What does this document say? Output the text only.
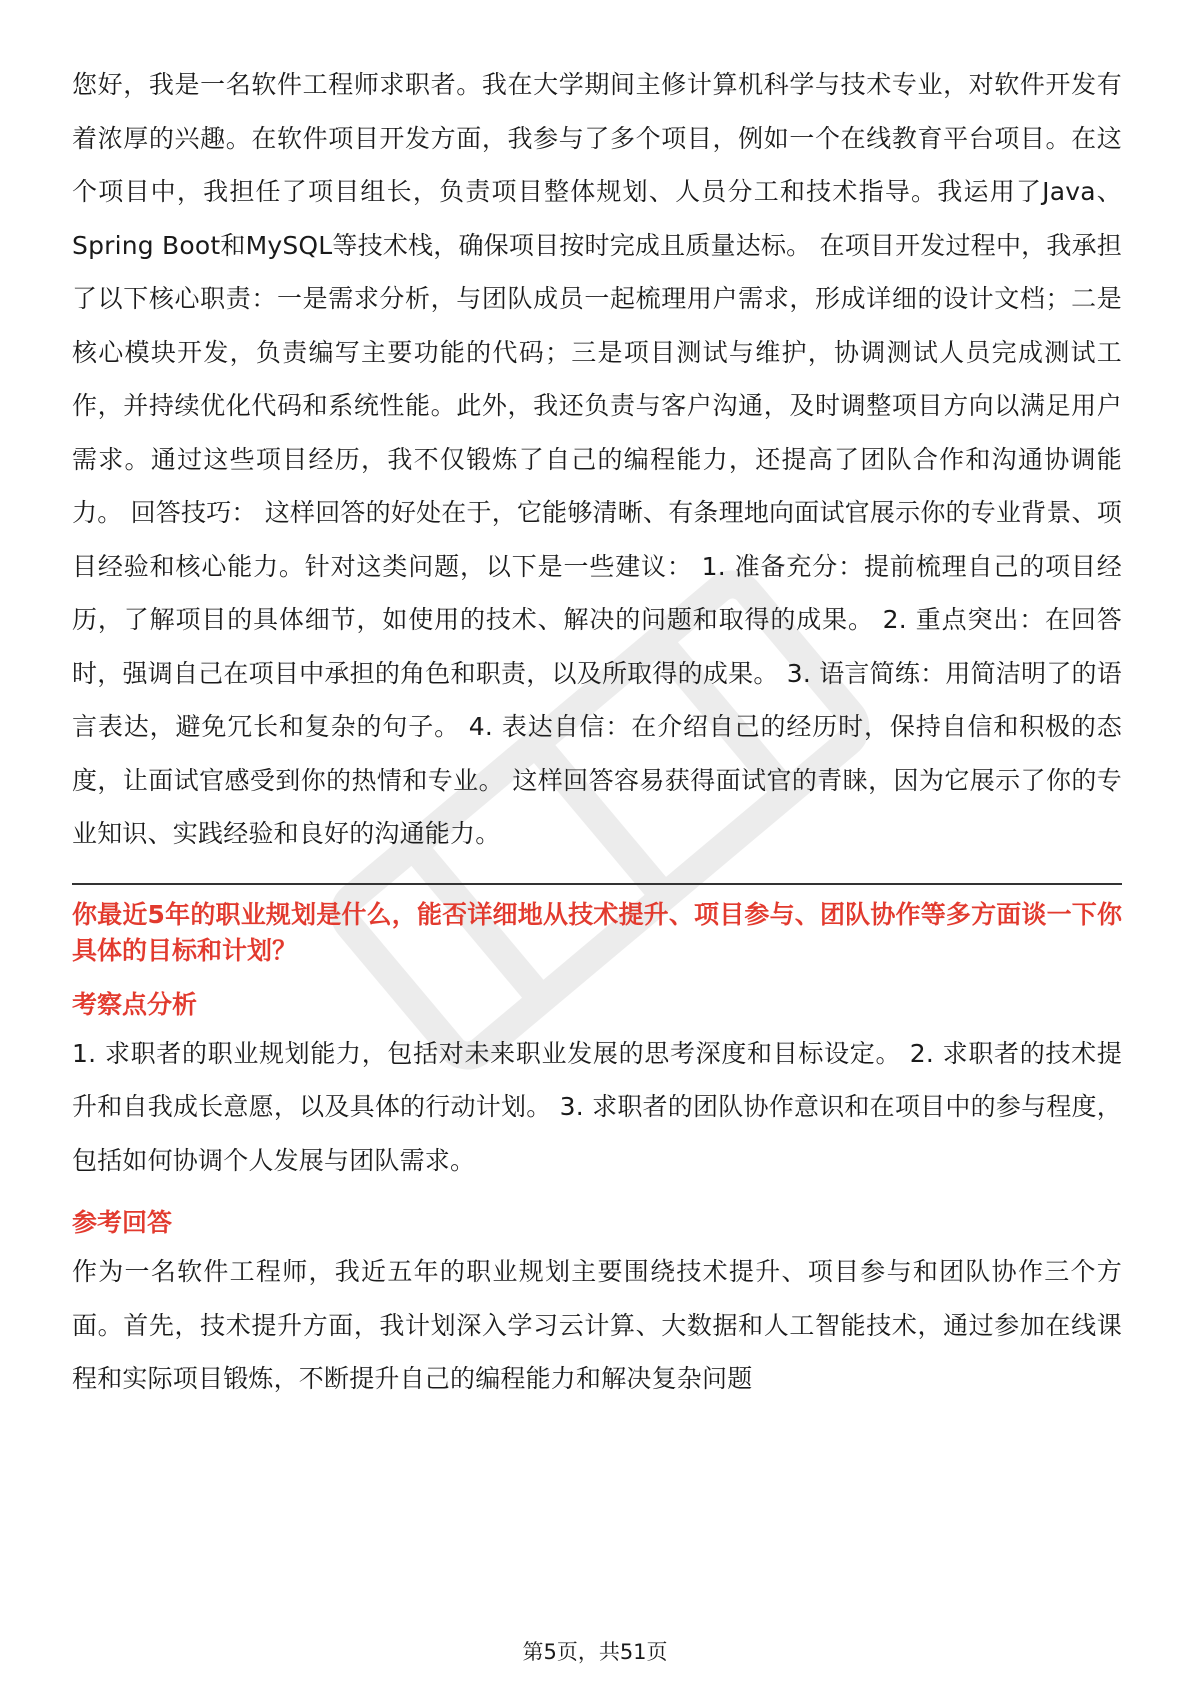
您好，我是一名软件工程师求职者。我在大学期间主修计算机科学与技术专业，对软件开发有着浓厚的兴趣。在软件项目开发方面，我参与了多个项目，例如一个在线教育平台项目。在这个项目中，我担任了项目组长，负责项目整体规划、人员分工和技术指导。我运用了Java、Spring Boot和MySQL等技术栈，确保项目按时完成且质量达标。 在项目开发过程中，我承担了以下核心职责：一是需求分析，与团队成员一起梳理用户需求，形成详细的设计文档；二是核心模块开发，负责编写主要功能的代码；三是项目测试与维护，协调测试人员完成测试工作，并持续优化代码和系统性能。此外，我还负责与客户沟通，及时调整项目方向以满足用户需求。通过这些项目经历，我不仅锻炼了自己的编程能力，还提高了团队合作和沟通协调能力。 回答技巧： 这样回答的好处在于，它能够清晰、有条理地向面试官展示你的专业背景、项目经验和核心能力。针对这类问题，以下是一些建议： 1. 准备充分：提前梳理自己的项目经历，了解项目的具体细节，如使用的技术、解决的问题和取得的成果。 2. 重点突出：在回答时，强调自己在项目中承担的角色和职责，以及所取得的成果。 3. 语言简练：用简洁明了的语言表达，避免冗长和复杂的句子。 4. 表达自信：在介绍自己的经历时，保持自信和积极的态度，让面试官感受到你的热情和专业。 这样回答容易获得面试官的青睐，因为它展示了你的专业知识、实践经验和良好的沟通能力。

你最近5年的职业规划是什么，能否详细地从技术提升、项目参与、团队协作等多方面谈一下你具体的目标和计划？

考察点分析

1. 求职者的职业规划能力，包括对未来职业发展的思考深度和目标设定。 2. 求职者的技术提升和自我成长意愿，以及具体的行动计划。 3. 求职者的团队协作意识和在项目中的参与程度，包括如何协调个人发展与团队需求。

参考回答

作为一名软件工程师，我近五年的职业规划主要围绕技术提升、项目参与和团队协作三个方面。首先，技术提升方面，我计划深入学习云计算、大数据和人工智能技术，通过参加在线课程和实际项目锻炼，不断提升自己的编程能力和解决复杂问题

第5页，共51页
